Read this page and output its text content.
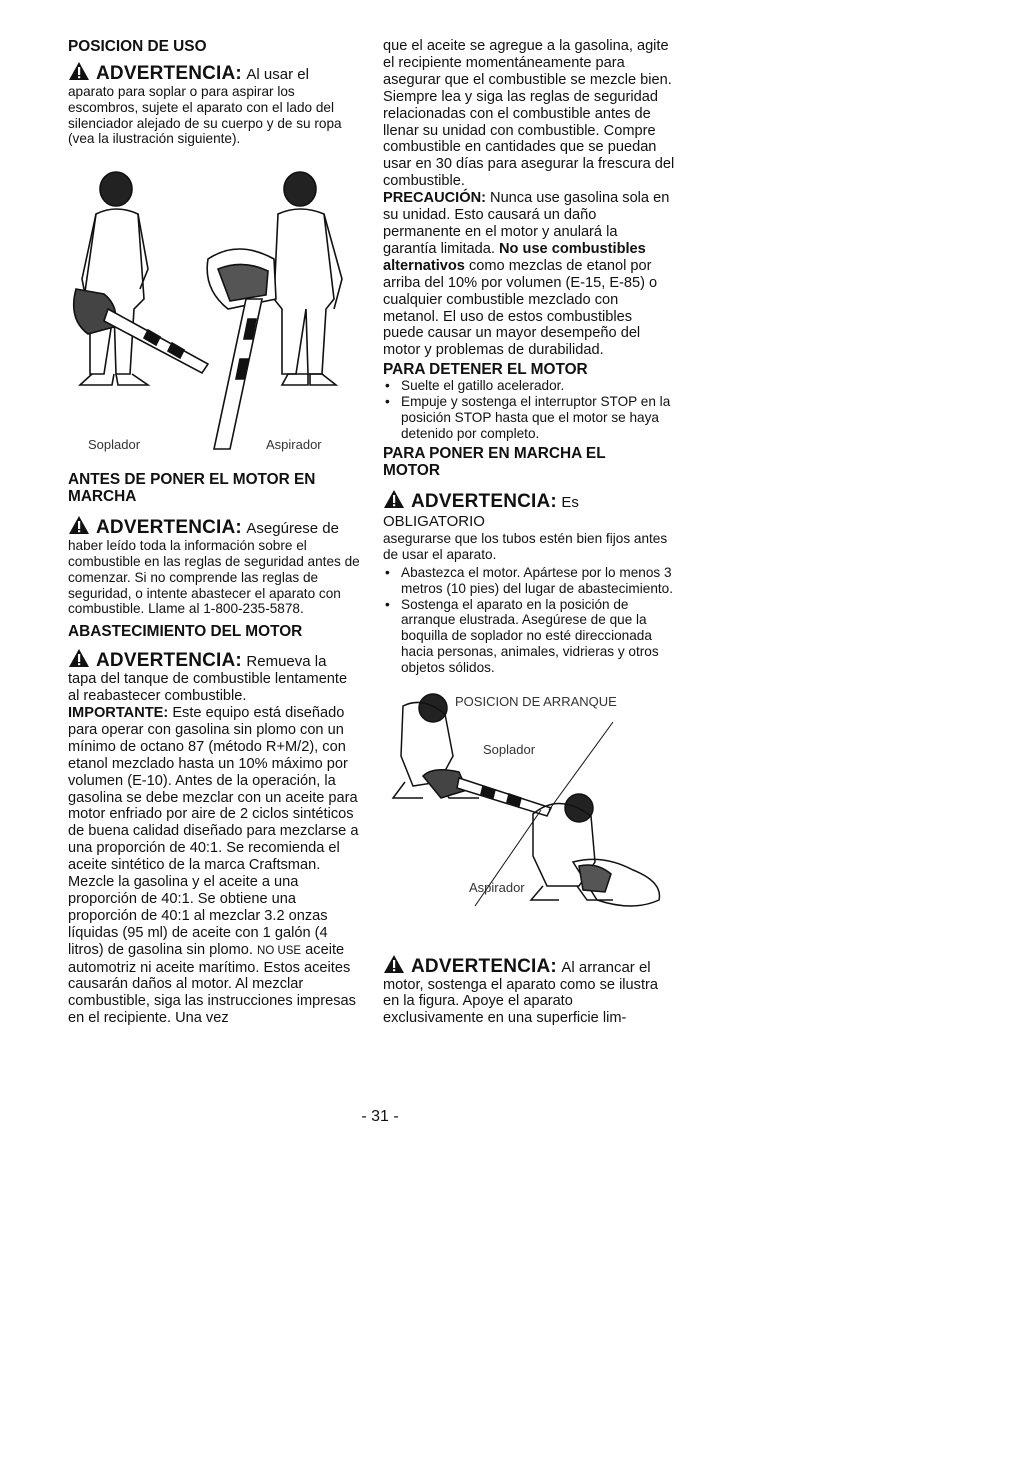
POSICION DE USO

ADVERTENCIA: Al usar el

aparato para soplar o para aspirar los escombros, sujete el aparato con el lado del silenciador alejado de su cuerpo y de su ropa (vea la ilustración siguiente).

Soplador	Aspirador

ANTES DE PONER EL MOTOR EN MARCHA

ADVERTENCIA: Asegúrese de

haber leído toda la información sobre el combustible en las reglas de seguridad antes de comenzar. Si no comprende las reglas de seguridad, o intente abastecer el aparato con combustible. Llame al 1-800-235-5878.

ABASTECIMIENTO DEL MOTOR

ADVERTENCIA: Remueva la

tapa del tanque de combustible lentamente al reabastecer combustible.

IMPORTANTE: Este equipo está diseñado para operar con gasolina sin plomo con un mínimo de octano 87 (método R+M/2), con etanol mezclado hasta un 10% máximo por volumen (E-10). Antes de la operación, la gasolina se debe mezclar con un aceite para motor enfriado por aire de 2 ciclos sintéticos de buena calidad diseñado para mezclarse a una proporción de 40:1. Se recomienda el aceite sintético de la marca Craftsman. Mezcle la gasolina y el aceite a una proporción de 40:1. Se obtiene una proporción de 40:1 al mezclar 3.2 onzas líquidas (95 ml) de aceite con 1 galón (4 litros) de gasolina sin plomo. NO USE aceite automotriz ni aceite marítimo. Estos aceites causarán daños al motor. Al mezclar combustible, siga las instrucciones impresas en el recipiente. Una vez

que el aceite se agregue a la gasolina, agite el recipiente momentáneamente para asegurar que el combustible se mezcle bien. Siempre lea y siga las reglas de seguridad relacionadas con el combustible antes de llenar su unidad con combustible. Compre combustible en cantidades que se puedan usar en 30 días para asegurar la frescura del combustible.

PRECAUCIÓN: Nunca use gasolina sola en su unidad. Esto causará un daño permanente en el motor y anulará la garantía limitada. No use combustibles alternativos como mezclas de etanol por arriba del 10% por volumen (E-15, E-85) o cualquier combustible mezclado con metanol. El uso de estos combustibles puede causar un mayor desempeño del motor y problemas de durabilidad.

PARA DETENER EL MOTOR

• Suelte el gatillo acelerador.
• Empuje y sostenga el interruptor STOP en la posición STOP hasta que el motor se haya detenido por completo.

PARA PONER EN MARCHA EL MOTOR

ADVERTENCIA: Es OBLIGATORIO

asegurarse que los tubos estén bien fijos antes de usar el aparato.

• Abastezca el motor. Apártese por lo menos 3 metros (10 pies) del lugar de abastecimiento.
• Sostenga el aparato en la posición de arranque elustrada. Asegúrese de que la boquilla de soplador no esté direccionada hacia personas, animales, vidrieras y otros objetos sólidos.
POSICION DE ARRANQUE
Soplador
Aspirador
ADVERTENCIA: Al arrancar el

motor, sostenga el aparato como se ilustra en la figura. Apoye el aparato exclusivamente en una superficie lim-

- 31 -
